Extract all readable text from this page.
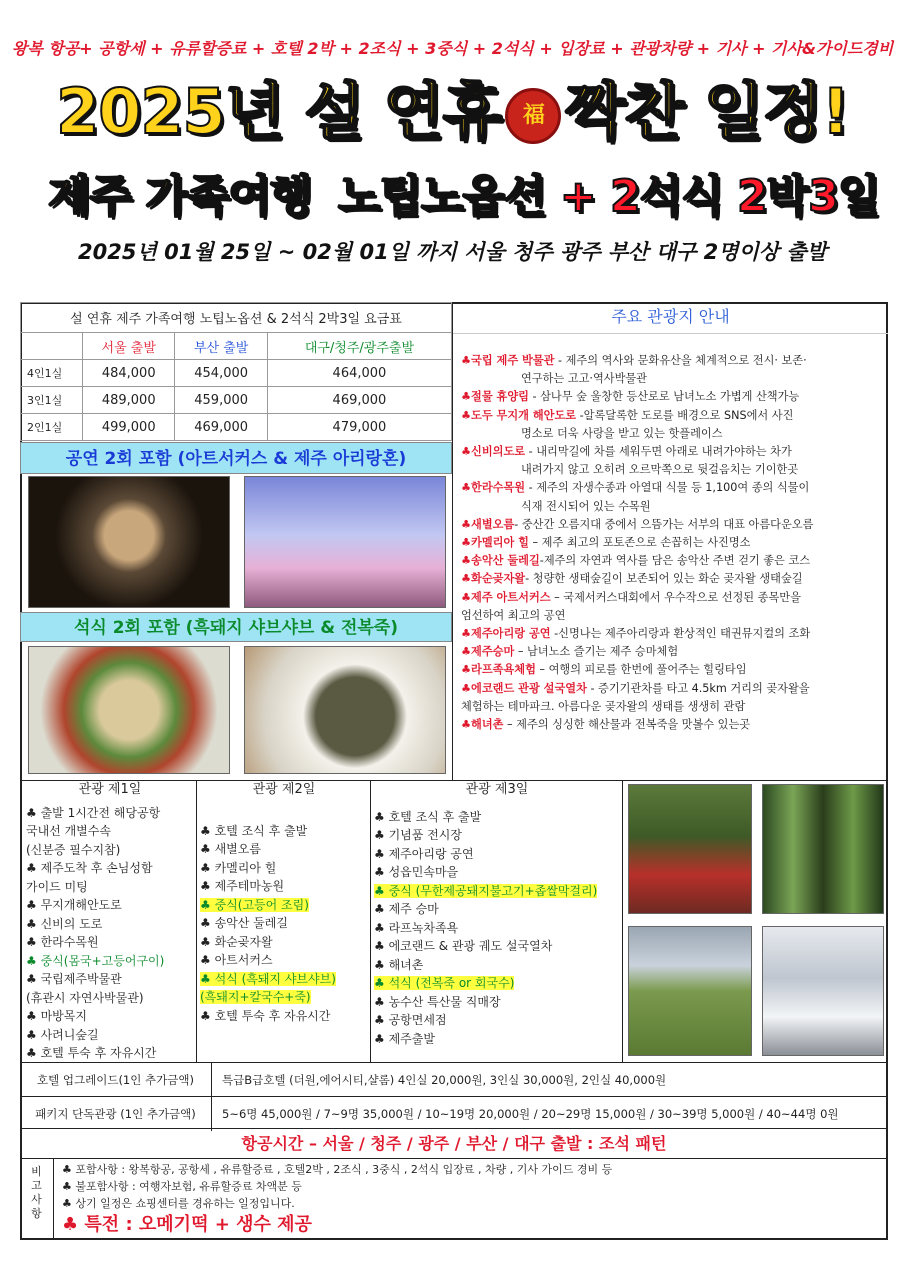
왕복 항공+ 공항세 + 유류할증료 + 호텔 2박 + 2조식 + 3중식 + 2석식 + 입장료 + 관광차량 + 기사 + 기사&가이드경비
2025년 설 연휴 福 짝찬 일정!
제주 가족여행 노팁노옵션 + 2석식 2박3일
2025년 01월 25일 ~ 02월 01일 까지 서울 청주 광주 부산 대구 2명이상 출발
설 연휴 제주 가족여행 노팁노옵션 & 2석식 2박3일 요금표			
	서울 출발	부산 출발	대구/청주/광주출발
4인1실	484,000	454,000	464,000
3인1실	489,000	459,000	469,000
2인1실	499,000	469,000	479,000
공연 2회 포함 (아트서커스 & 제주 아리랑혼)
석식 2회 포함 (흑돼지 샤브샤브 & 전복죽)
주요 관광지 안내
♣국립 제주 박물관 - 제주의 역사와 문화유산을 체계적으로 전시· 보존·
연구하는 고고·역사박물관
♣절물 휴양림 - 삼나무 숲 울창한 등산로로 남녀노소 가볍게 산책가능
♣도두 무지개 해안도로 -알록달록한 도로를 배경으로 SNS에서 사진
명소로 더욱 사랑을 받고 있는 핫플레이스
♣신비의도로 - 내리막길에 차를 세워두면 아래로 내려가야하는 차가
내려가지 않고 오히려 오르막쪽으로 뒷걸음치는 기이한곳
♣한라수목원 - 제주의 자생수종과 아열대 식물 등 1,100여 종의 식물이
식재 전시되어 있는 수목원
♣새별오름- 중산간 오름지대 중에서 으뜸가는 서부의 대표 아름다운오름
♣카멜리아 힐 – 제주 최고의 포토존으로 손꼽히는 사진명소
♣송악산 둘레길-제주의 자연과 역사를 담은 송악산 주변 걷기 좋은 코스
♣화순곶자왈- 청량한 생태숲길이 보존되어 있는 화순 곶자왈 생태숲길
♣제주 아트서커스 – 국제서커스대회에서 우수작으로 선정된 종목만을
엄선하여 최고의 공연
♣제주아리랑 공연 -신명나는 제주아리랑과 환상적인 태권뮤지컬의 조화
♣제주승마 – 남녀노소 즐기는 제주 승마체험
♣라프족욕체험 – 여행의 피로를 한번에 풀어주는 힐링타임
♣에코랜드 관광 설국열차 - 증기기관차를 타고 4.5km 거리의 곶자왈을
체험하는 테마파크. 아름다운 곶자왈의 생태를 생생히 관람
♣해녀촌 – 제주의 싱싱한 해산물과 전복죽을 맛볼수 있는곳
관광 제1일
♣ 출발 1시간전 해당공항
국내선 개별수속
(신분증 필수지참)
♣ 제주도착 후 손님성함
가이드 미팅
♣ 무지개해안도로
♣ 신비의 도로
♣ 한라수목원
♣ 중식(몸국+고등어구이)
♣ 국립제주박물관
(휴관시 자연사박물관)
♣ 마방목지
♣ 사려니숲길
♣ 호텔 투숙 후 자유시간
관광 제2일
♣ 호텔 조식 후 출발
♣ 새별오름
♣ 카멜리아 힐
♣ 제주테마농원
♣ 중식(고등어 조림)
♣ 송악산 둘레길
♣ 화순곶자왈
♣ 아트서커스
♣ 석식 (흑돼지 샤브샤브)
(흑돼지+칼국수+죽)
♣ 호텔 투숙 후 자유시간
관광 제3일
♣ 호텔 조식 후 출발
♣ 기념품 전시장
♣ 제주아리랑 공연
♣ 성읍민속마을
♣ 중식 (무한제공돼지불고기+좁쌀막걸리)
♣ 제주 승마
♣ 라프녹차족욕
♣ 에코랜드 & 관광 궤도 설국열차
♣ 해녀촌
♣ 석식 (전복죽 or 회국수)
♣ 농수산 특산물 직매장
♣ 공항면세점
♣ 제주출발
호텔 업그레이드(1인 추가금액)	특급B급호텔 (더원,에어시티,샬롬) 4인실 20,000원, 3인실 30,000원, 2인실 40,000원
패키지 단독관광 (1인 추가금액)	5~6명 45,000원 / 7~9명 35,000원 / 10~19명 20,000원 / 20~29명 15,000원 / 30~39명 5,000원 / 40~44명 0원
항공시간 – 서울 / 청주 / 광주 / 부산 / 대구 출발 : 조석 패턴
비
고
사
항
♣ 포함사항 : 왕복항공, 공항세 , 유류할증료 , 호텔2박 , 2조식 , 3중식 , 2석식 입장료 , 차량 , 기사 가이드 경비 등
♣ 불포함사항 : 여행자보험, 유류할증료 차액분 등
♣ 상기 일정은 쇼핑센터를 경유하는 일정입니다.
♣ 특전 : 오메기떡 + 생수 제공
